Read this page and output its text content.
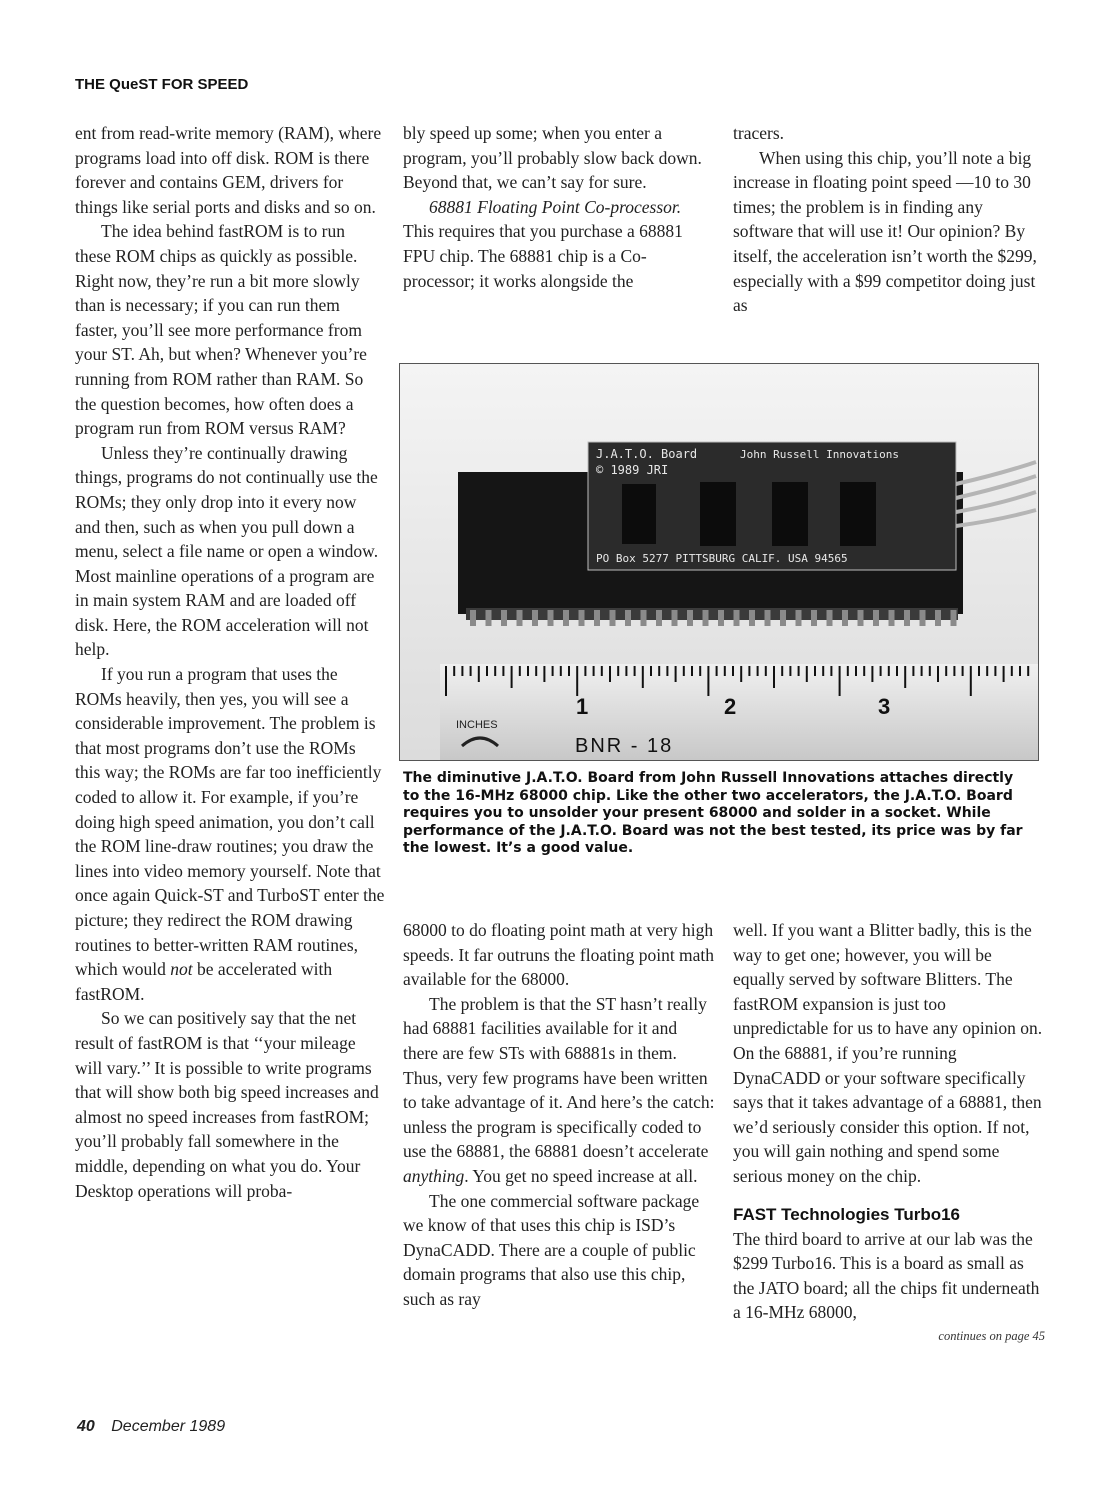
THE QueST FOR SPEED

ent from read-write memory (RAM), where programs load into off disk. ROM is there forever and contains GEM, drivers for things like serial ports and disks and so on.

The idea behind fastROM is to run these ROM chips as quickly as possible. Right now, they’re run a bit more slowly than is necessary; if you can run them faster, you’ll see more performance from your ST. Ah, but when? Whenever you’re running from ROM rather than RAM. So the question becomes, how often does a program run from ROM versus RAM?

Unless they’re continually drawing things, programs do not continually use the ROMs; they only drop into it every now and then, such as when you pull down a menu, select a file name or open a window. Most mainline operations of a program are in main system RAM and are loaded off disk. Here, the ROM acceleration will not help.

If you run a program that uses the ROMs heavily, then yes, you will see a considerable improvement. The problem is that most programs don’t use the ROMs this way; the ROMs are far too inefficiently coded to allow it. For example, if you’re doing high speed animation, you don’t call the ROM line-draw routines; you draw the lines into video memory yourself. Note that once again Quick-ST and TurboST enter the picture; they redirect the ROM drawing routines to better-written RAM routines, which would not be accelerated with fastROM.

So we can positively say that the net result of fastROM is that ‘‘your mileage will vary.’’ It is possible to write programs that will show both big speed increases and almost no speed increases from fastROM; you’ll probably fall somewhere in the middle, depending on what you do. Your Desktop operations will proba-

bly speed up some; when you enter a program, you’ll probably slow back down. Beyond that, we can’t say for sure.

68881 Floating Point Co-processor. This requires that you purchase a 68881 FPU chip. The 68881 chip is a Co-processor; it works alongside the

tracers.

When using this chip, you’ll note a big increase in floating point speed —10 to 30 times; the problem is in finding any software that will use it! Our opinion? By itself, the acceleration isn’t worth the $299, especially with a $99 competitor doing just as

J.A.T.O. Board
© 1989 JRI
John Russell Innovations
PO Box 5277 PITTSBURG CALIF. USA 94565
1	2	3
INCHES
BNR - 18
The diminutive J.A.T.O. Board from John Russell Innovations attaches directly to the 16-MHz 68000 chip. Like the other two accelerators, the J.A.T.O. Board requires you to unsolder your present 68000 and solder in a socket. While performance of the J.A.T.O. Board was not the best tested, its price was by far the lowest. It’s a good value.

68000 to do floating point math at very high speeds. It far outruns the floating point math available for the 68000.

The problem is that the ST hasn’t really had 68881 facilities available for it and there are few STs with 68881s in them. Thus, very few programs have been written to take advantage of it. And here’s the catch: unless the program is specifically coded to use the 68881, the 68881 doesn’t accelerate anything. You get no speed increase at all.

The one commercial software package we know of that uses this chip is ISD’s DynaCADD. There are a couple of public domain programs that also use this chip, such as ray

well. If you want a Blitter badly, this is the way to get one; however, you will be equally served by software Blitters. The fastROM expansion is just too unpredictable for us to have any opinion on. On the 68881, if you’re running DynaCADD or your software specifically says that it takes advantage of a 68881, then we’d seriously consider this option. If not, you will gain nothing and spend some serious money on the chip.

FAST Technologies Turbo16

The third board to arrive at our lab was the $299 Turbo16. This is a board as small as the JATO board; all the chips fit underneath a 16-MHz 68000,

continues on page 45
40 December 1989
